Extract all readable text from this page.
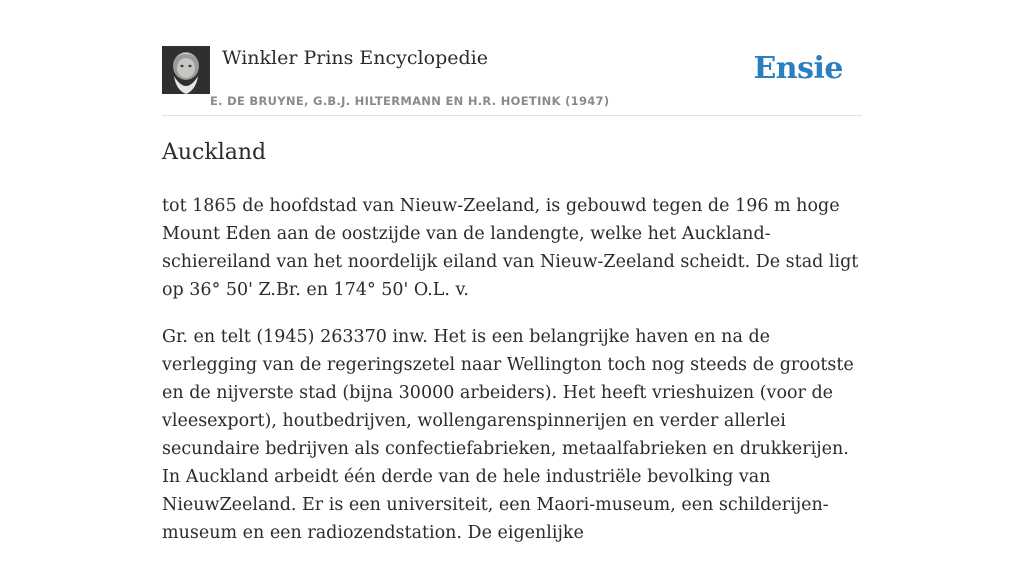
Winkler Prins Encyclopedie
E. DE BRUYNE, G.B.J. HILTERMANN EN H.R. HOETINK (1947)
Ensie
Auckland

tot 1865 de hoofdstad van Nieuw-Zeeland, is gebouwd tegen de 196 m hoge Mount Eden aan de oostzijde van de landengte, welke het Auckland-schiereiland van het noordelijk eiland van Nieuw-Zeeland scheidt. De stad ligt op 36° 50' Z.Br. en 174° 50' O.L. v.

Gr. en telt (1945) 263370 inw. Het is een belangrijke haven en na de verlegging van de regeringszetel naar Wellington toch nog steeds de grootste en de nijverste stad (bijna 30000 arbeiders). Het heeft vrieshuizen (voor de vleesexport), houtbedrijven, wollengarenspinnerijen en verder allerlei secundaire bedrijven als confectiefabrieken, metaalfabrieken en drukkerijen. In Auckland arbeidt één derde van de hele industriële bevolking van NieuwZeeland. Er is een universiteit, een Maori-museum, een schilderijen-museum en een radiozendstation. De eigenlijke
